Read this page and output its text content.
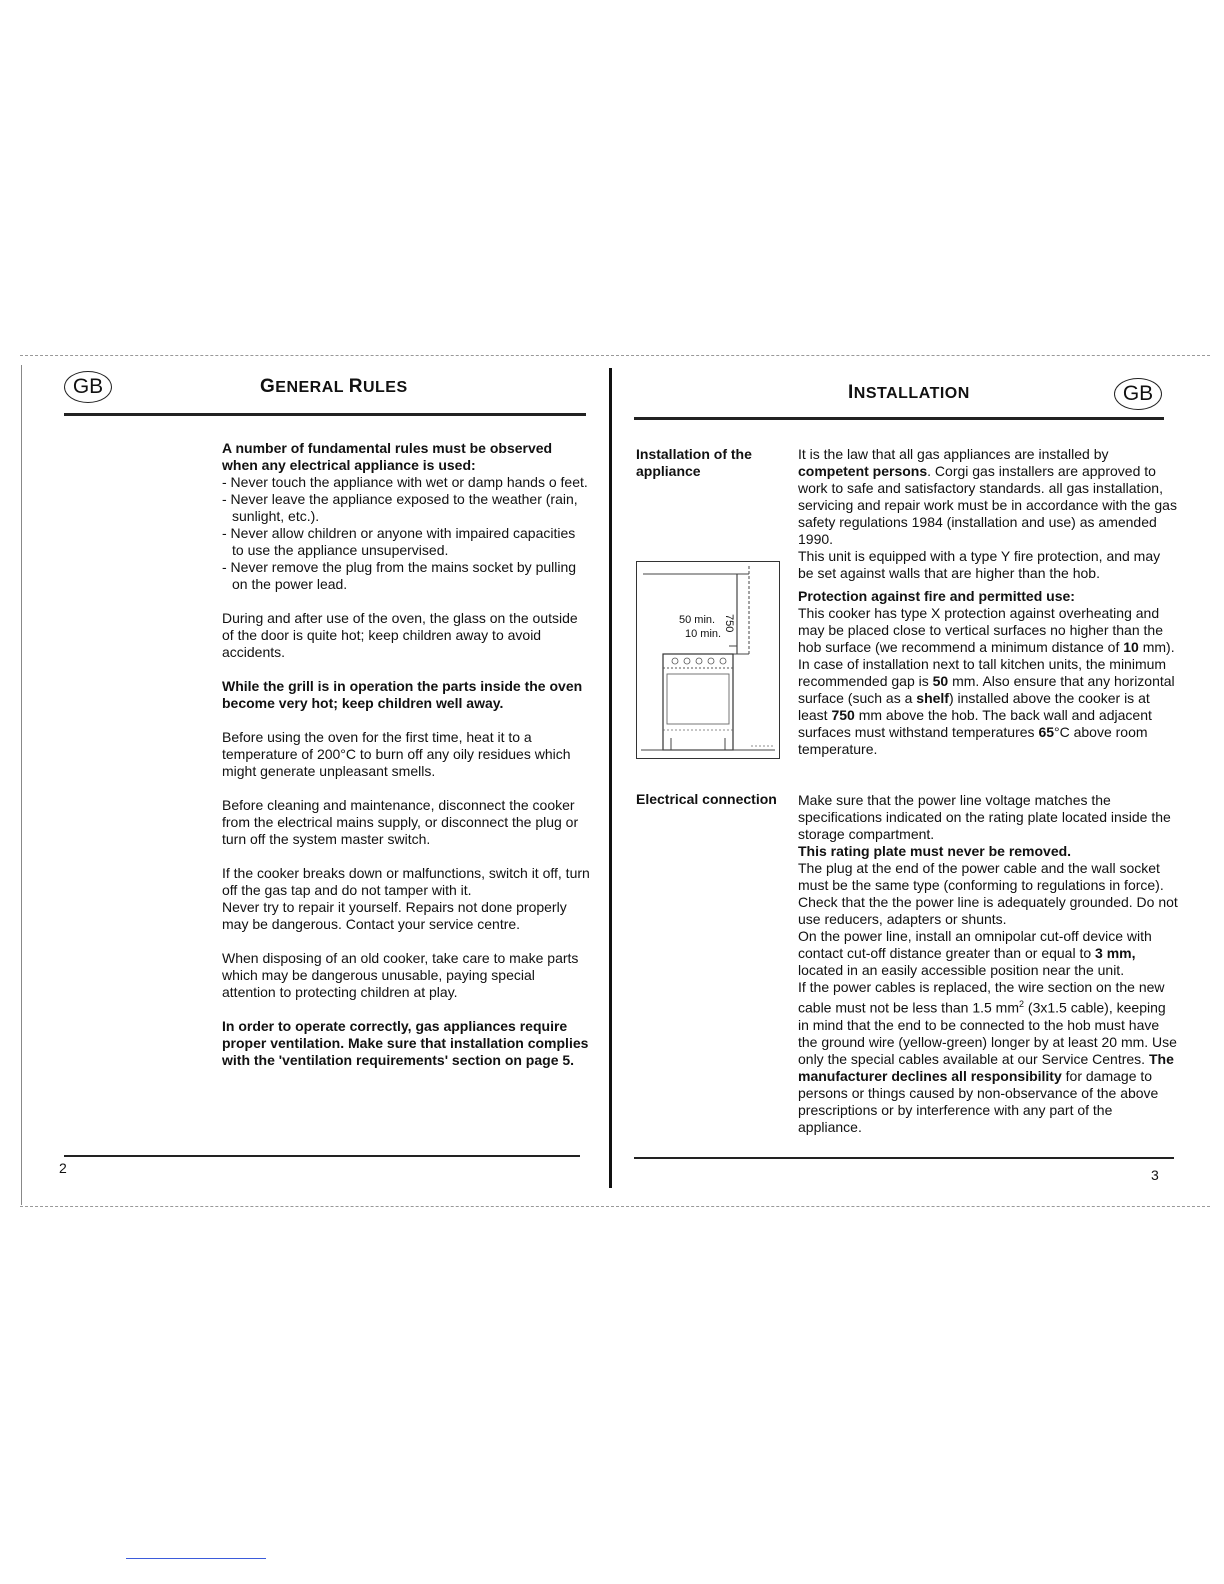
GB	GENERAL RULES

A number of fundamental rules must be observed when any electrical appliance is used:

- Never touch the appliance with wet or damp hands o feet.

- Never leave the appliance exposed to the weather (rain, sunlight, etc.).

- Never allow children or anyone with impaired capacities to use the appliance unsupervised.

- Never remove the plug from the mains socket by pulling on the power lead.

During and after use of the oven, the glass on the outside of the door is quite hot; keep children away to avoid accidents.

While the grill is in operation the parts inside the oven become very hot; keep children well away.

Before using the oven for the first time, heat it to a temperature of 200°C to burn off any oily residues which might generate unpleasant smells.

Before cleaning and maintenance, disconnect the cooker from the electrical mains supply, or disconnect the plug or turn off the system master switch.

If the cooker breaks down or malfunctions, switch it off, turn off the gas tap and do not tamper with it.

Never try to repair it yourself. Repairs not done properly may be dangerous. Contact your service centre.

When disposing of an old cooker, take care to make parts which may be dangerous unusable, paying special attention to protecting children at play.

In order to operate correctly, gas appliances require proper ventilation. Make sure that installation complies with the 'ventilation requirements' section on page 5.

2
INSTALLATION	GB
Installation of the appliance

It is the law that all gas appliances are installed by competent persons. Corgi gas installers are approved to work to safe and satisfactory standards. all gas installation, servicing and repair work must be in accordance with the gas safety regulations 1984 (installation and use) as amended 1990.

This unit is equipped with a type Y fire protection, and may be set against walls that are higher than the hob.

Protection against fire and permitted use:

This cooker has type X protection against overheating and may be placed close to vertical surfaces no higher than the hob surface (we recommend a minimum distance of 10 mm). In case of installation next to tall kitchen units, the minimum recommended gap is 50 mm. Also ensure that any horizontal surface (such as a shelf) installed above the cooker is at least 750 mm above the hob. The back wall and adjacent surfaces must withstand temperatures 65°C above room temperature.

50 min.
10 min.
750
Electrical connection	Make sure that the power line voltage matches the specifications indicated on the rating plate located inside the storage compartment.

This rating plate must never be removed.

The plug at the end of the power cable and the wall socket must be the same type (conforming to regulations in force). Check that the the power line is adequately grounded. Do not use reducers, adapters or shunts.

On the power line, install an omnipolar cut-off device with contact cut-off distance greater than or equal to 3 mm, located in an easily accessible position near the unit.

If the power cables is replaced, the wire section on the new cable must not be less than 1.5 $mm^2$ (3x1.5 cable), keeping in mind that the end to be connected to the hob must have the ground wire (yellow-green) longer by at least 20 mm. Use only the special cables available at our Service Centres. The manufacturer declines all responsibility for damage to persons or things caused by non-observance of the above prescriptions or by interference with any part of the appliance.

3
